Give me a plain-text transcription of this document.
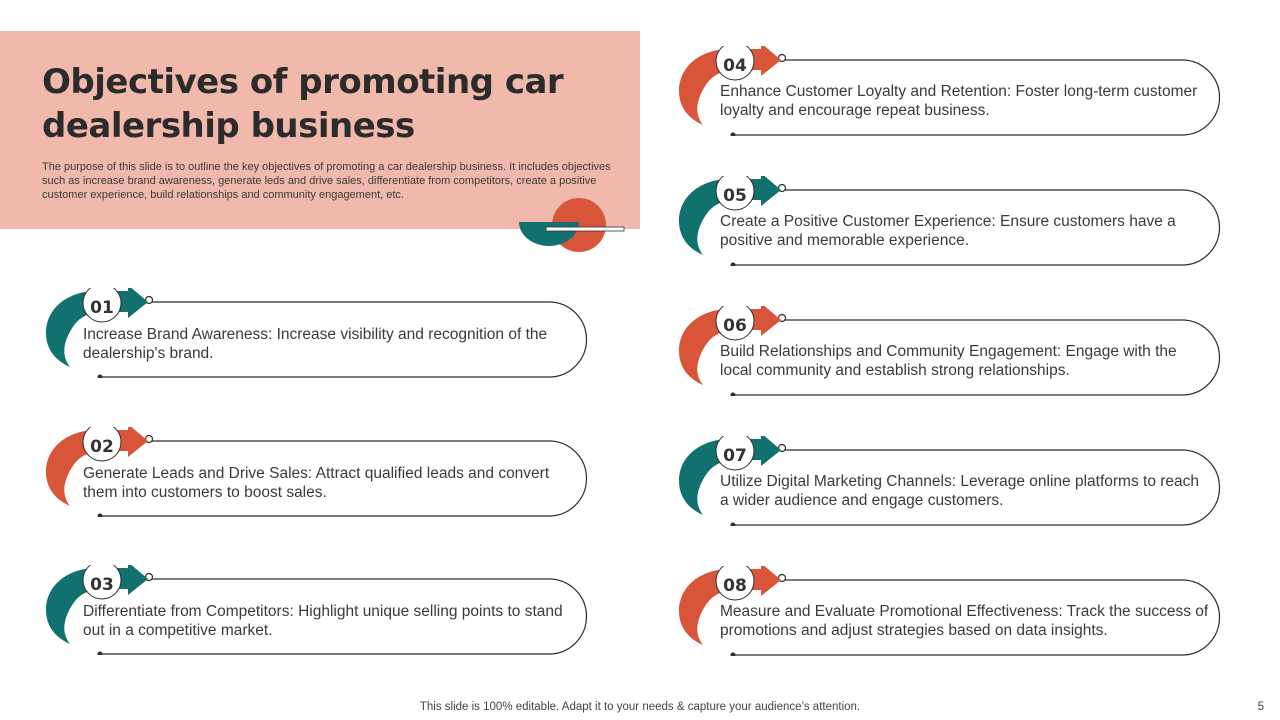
Objectives of promoting car dealership business

The purpose of this slide is to outline the key objectives of promoting a car dealership business. It includes objectives such as increase brand awareness, generate leds and drive sales, differentiate from competitors, create a positive customer experience, build relationships and community engagement, etc.

01

Increase Brand Awareness: Increase visibility and recognition of the dealership's brand.

02

Generate Leads and Drive Sales: Attract qualified leads and convert them into customers to boost sales.

03

Differentiate from Competitors: Highlight unique selling points to stand out in a competitive market.

04

Enhance Customer Loyalty and Retention: Foster long-term customer loyalty and encourage repeat business.

05

Create a Positive Customer Experience: Ensure customers have a positive and memorable experience.

06

Build Relationships and Community Engagement: Engage with the local community and establish strong relationships.

07

Utilize Digital Marketing Channels: Leverage online platforms to reach a wider audience and engage customers.

08

Measure and Evaluate Promotional Effectiveness: Track the success of promotions and adjust strategies based on data insights.

This slide is 100% editable. Adapt it to your needs & capture your audience’s attention.	5
